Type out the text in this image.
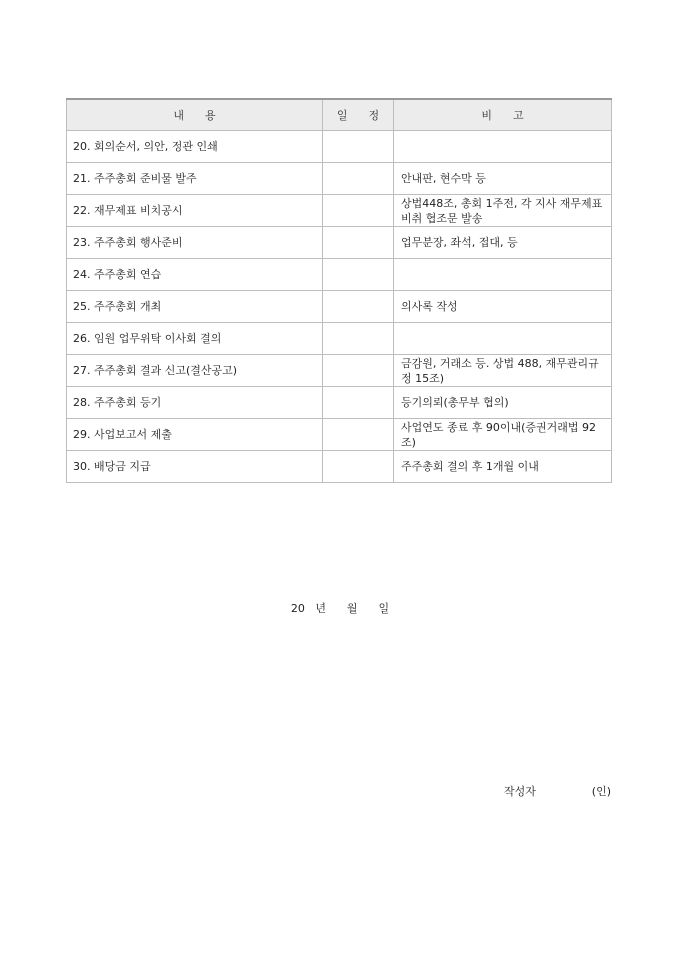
내      용	일      정	비      고
20. 회의순서, 의안, 정관 인쇄		
21. 주주총회 준비물 발주		안내판, 현수막 등
22. 재무제표 비치공시		상법448조, 총회 1주전, 각 지사 재무제표 비취 협조문 발송
23. 주주총회 행사준비		업무분장, 좌석, 접대, 등
24. 주주총회 연습		
25. 주주총회 개최		의사록 작성
26. 임원 업무위탁 이사회 결의		
27. 주주총회 결과 신고(결산공고)		금감원, 거래소 등. 상법 488, 재무관리규정 15조)
28. 주주총회 등기		등기의뢰(총무부 협의)
29. 사업보고서 제출		사업연도 종료 후 90이내(증권거래법 92조)
30. 배당금 지급		주주총회 결의 후 1개월 이내
20   년      월      일
작성자                (인)
